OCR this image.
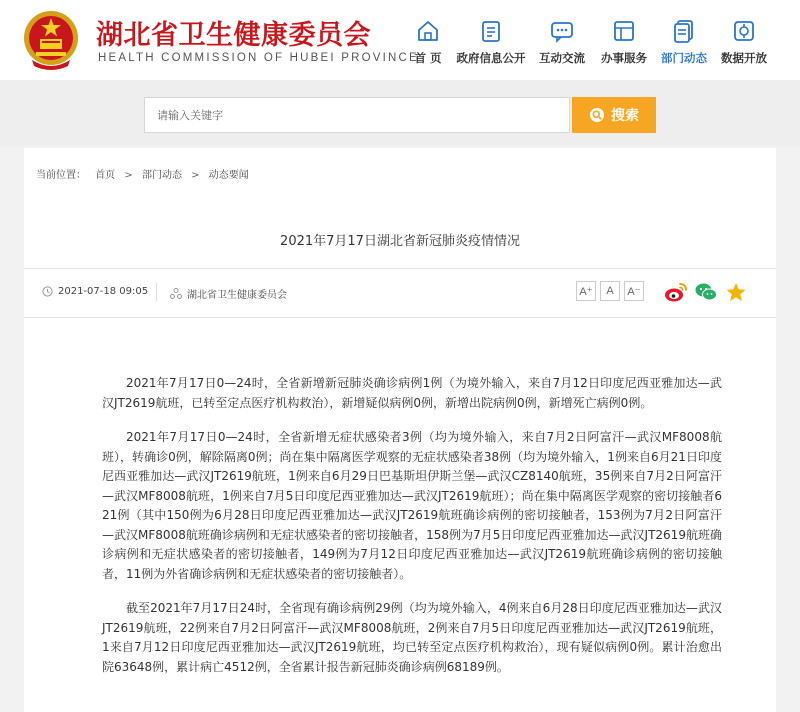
湖北省卫生健康委员会
HEALTH COMMISSION OF HUBEI PROVINCE
首 页	政府信息公开	互动交流	办事服务	部门动态	数据开放
请输入关键字
搜索
当前位置： 首页 > 部门动态 > 动态要闻
2021年7月17日湖北省新冠肺炎疫情情况
2021-07-18 09:05	湖北省卫生健康委员会	A⁺	A	A⁻

2021年7月17日0—24时，全省新增新冠肺炎确诊病例1例（为境外输入，来自7月12日印度尼西亚雅加达—武汉JT2619航班，已转至定点医疗机构救治），新增疑似病例0例，新增出院病例0例，新增死亡病例0例。

2021年7月17日0—24时，全省新增无症状感染者3例（均为境外输入，来自7月2日阿富汗—武汉MF8008航班），转确诊0例，解除隔离0例；尚在集中隔离医学观察的无症状感染者38例（均为境外输入，1例来自6月21日印度尼西亚雅加达—武汉JT2619航班，1例来自6月29日巴基斯坦伊斯兰堡—武汉CZ8140航班，35例来自7月2日阿富汗—武汉MF8008航班，1例来自7月5日印度尼西亚雅加达—武汉JT2619航班）；尚在集中隔离医学观察的密切接触者621例（其中150例为6月28日印度尼西亚雅加达—武汉JT2619航班确诊病例的密切接触者，153例为7月2日阿富汗—武汉MF8008航班确诊病例和无症状感染者的密切接触者，158例为7月5日印度尼西亚雅加达—武汉JT2619航班确诊病例和无症状感染者的密切接触者，149例为7月12日印度尼西亚雅加达—武汉JT2619航班确诊病例的密切接触者，11例为外省确诊病例和无症状感染者的密切接触者）。

截至2021年7月17日24时，全省现有确诊病例29例（均为境外输入，4例来自6月28日印度尼西亚雅加达—武汉JT2619航班，22例来自7月2日阿富汗—武汉MF8008航班，2例来自7月5日印度尼西亚雅加达—武汉JT2619航班，1来自7月12日印度尼西亚雅加达—武汉JT2619航班，均已转至定点医疗机构救治），现有疑似病例0例。累计治愈出院63648例，累计病亡4512例，全省累计报告新冠肺炎确诊病例68189例。
